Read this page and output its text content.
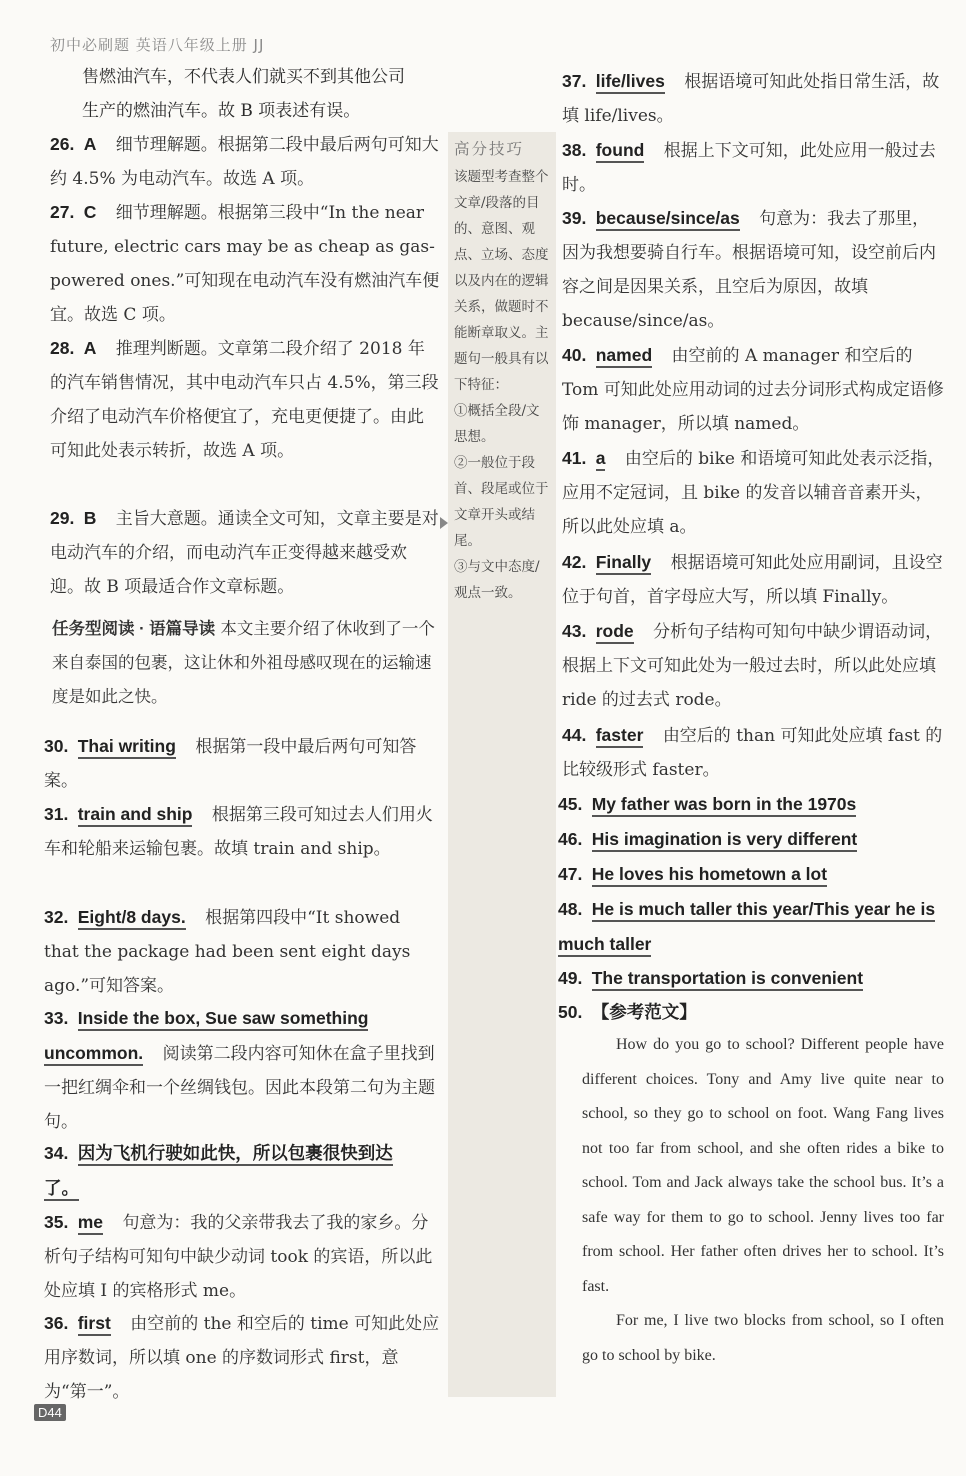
初中必刷题 英语八年级上册 JJ
售燃油汽车，不代表人们就买不到其他公司
生产的燃油汽车。故 B 项表述有误。
26. A 细节理解题。根据第二段中最后两句可知大约 4.5% 为电动汽车。故选 A 项。
27. C 细节理解题。根据第三段中“In the near future, electric cars may be as cheap as gas-powered ones.”可知现在电动汽车没有燃油汽车便宜。故选 C 项。
28. A 推理判断题。文章第二段介绍了 2018 年的汽车销售情况，其中电动汽车只占 4.5%，第三段介绍了电动汽车价格便宜了，充电更便捷了。由此可知此处表示转折，故选 A 项。
29. B 主旨大意题。通读全文可知，文章主要是对电动汽车的介绍，而电动汽车正变得越来越受欢迎。故 B 项最适合作文章标题。
高分技巧
该题型考查整个文章/段落的目的、意图、观点、立场、态度以及内在的逻辑关系，做题时不能断章取义。主题句一般具有以下特征：
①概括全段/文思想。
②一般位于段首、段尾或位于文章开头或结尾。
③与文中态度/观点一致。
任务型阅读 · 语篇导读 本文主要介绍了休收到了一个来自泰国的包裹，这让休和外祖母感叹现在的运输速度是如此之快。
30. Thai writing 根据第一段中最后两句可知答案。
31. train and ship 根据第三段可知过去人们用火车和轮船来运输包裹。故填 train and ship。
32. Eight/8 days. 根据第四段中“It showed that the package had been sent eight days ago.”可知答案。
33. Inside the box, Sue saw something uncommon. 阅读第二段内容可知休在盒子里找到一把红绸伞和一个丝绸钱包。因此本段第二句为主题句。
34. 因为飞机行驶如此快，所以包裹很快到达了。
35. me 句意为：我的父亲带我去了我的家乡。分析句子结构可知句中缺少动词 took 的宾语，所以此处应填 I 的宾格形式 me。
36. first 由空前的 the 和空后的 time 可知此处应用序数词，所以填 one 的序数词形式 first，意为“第一”。
37. life/lives 根据语境可知此处指日常生活，故填 life/lives。
38. found 根据上下文可知，此处应用一般过去时。
39. because/since/as 句意为：我去了那里，因为我想要骑自行车。根据语境可知，设空前后内容之间是因果关系，且空后为原因，故填 because/since/as。
40. named 由空前的 A manager 和空后的 Tom 可知此处应用动词的过去分词形式构成定语修饰 manager，所以填 named。
41. a 由空后的 bike 和语境可知此处表示泛指，应用不定冠词，且 bike 的发音以辅音音素开头，所以此处应填 a。
42. Finally 根据语境可知此处应用副词，且设空位于句首，首字母应大写，所以填 Finally。
43. rode 分析句子结构可知句中缺少谓语动词，根据上下文可知此处为一般过去时，所以此处应填 ride 的过去式 rode。
44. faster 由空后的 than 可知此处应填 fast 的比较级形式 faster。
45. My father was born in the 1970s
46. His imagination is very different
47. He loves his hometown a lot
48. He is much taller this year/This year he is much taller
49. The transportation is convenient
50. 【参考范文】

How do you go to school? Different people have different choices. Tony and Amy live quite near to school, so they go to school on foot. Wang Fang lives not too far from school, and she often rides a bike to school. Tom and Jack always take the school bus. It’s a safe way for them to go to school. Jenny lives too far from school. Her father often drives her to school. It’s fast.

For me, I live two blocks from school, so I often go to school by bike.

D44
